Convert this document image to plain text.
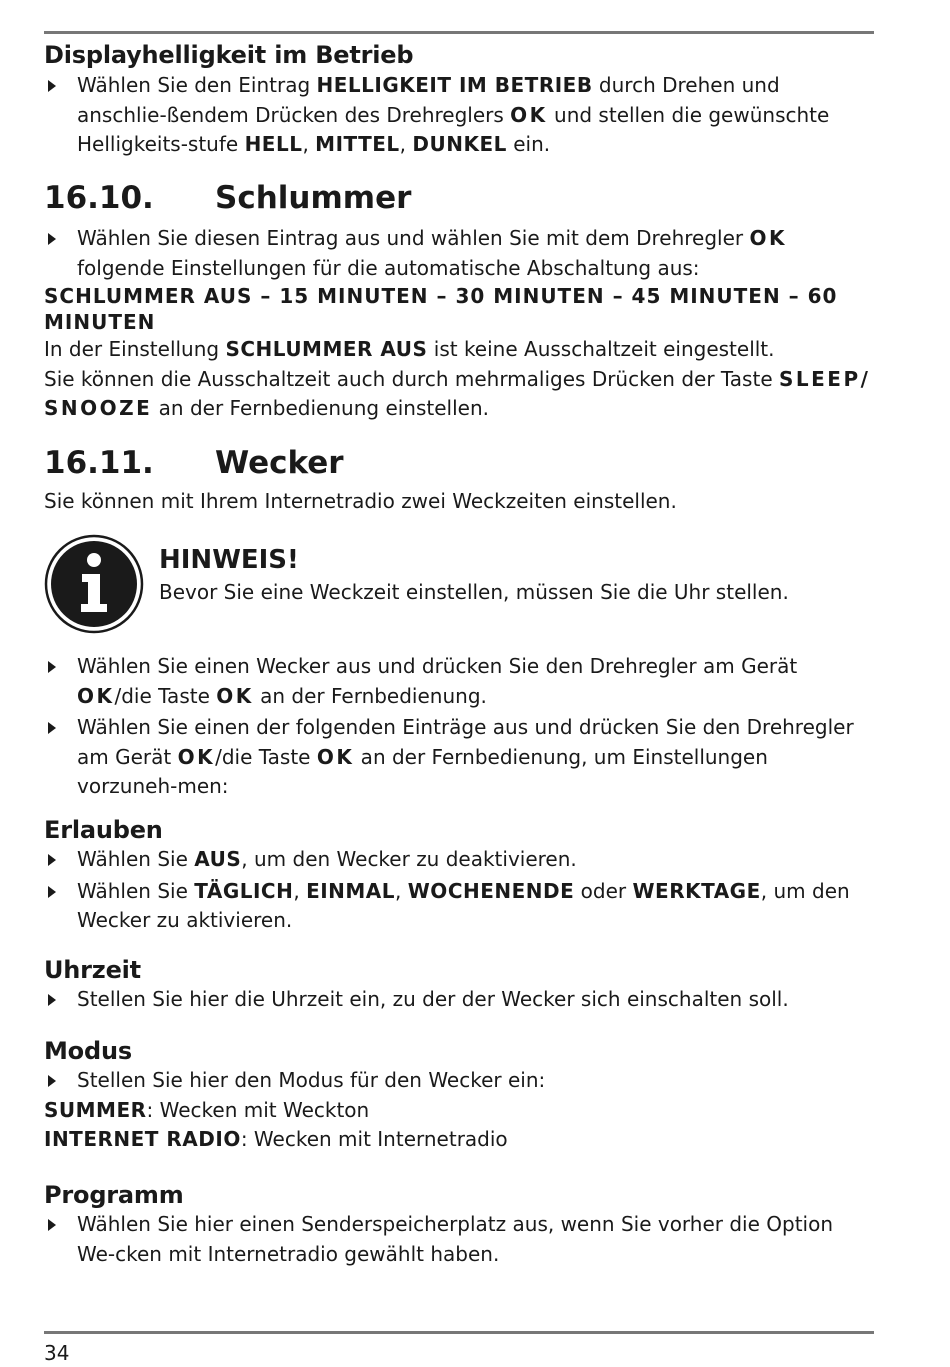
Displayhelligkeit im Betrieb
Wählen Sie den Eintrag HELLIGKEIT IM BETRIEB durch Drehen und anschlie-ßendem Drücken des Drehreglers OK und stellen die gewünschte Helligkeits-stufe HELL, MITTEL, DUNKEL ein.
16.10.	Schlummer
Wählen Sie diesen Eintrag aus und wählen Sie mit dem Drehregler OK folgende Einstellungen für die automatische Abschaltung aus:
SCHLUMMER AUS – 15 MINUTEN – 30 MINUTEN – 45 MINUTEN – 60 MINUTEN

In der Einstellung SCHLUMMER AUS ist keine Ausschaltzeit eingestellt.

Sie können die Ausschaltzeit auch durch mehrmaliges Drücken der Taste SLEEP/ SNOOZE an der Fernbedienung einstellen.

16.11.	Wecker

Sie können mit Ihrem Internetradio zwei Weckzeiten einstellen.

HINWEIS!
Bevor Sie eine Weckzeit einstellen, müssen Sie die Uhr stellen.
Wählen Sie einen Wecker aus und drücken Sie den Drehregler am Gerät OK/die Taste OK an der Fernbedienung.
Wählen Sie einen der folgenden Einträge aus und drücken Sie den Drehregler am Gerät OK/die Taste OK an der Fernbedienung, um Einstellungen vorzuneh-men:
Erlauben
Wählen Sie AUS, um den Wecker zu deaktivieren.
Wählen Sie TÄGLICH, EINMAL, WOCHENENDE oder WERKTAGE, um den Wecker zu aktivieren.
Uhrzeit
Stellen Sie hier die Uhrzeit ein, zu der der Wecker sich einschalten soll.
Modus
Stellen Sie hier den Modus für den Wecker ein:

SUMMER: Wecken mit Weckton

INTERNET RADIO: Wecken mit Internetradio

Programm
Wählen Sie hier einen Senderspeicherplatz aus, wenn Sie vorher die Option We-cken mit Internetradio gewählt haben.
34
